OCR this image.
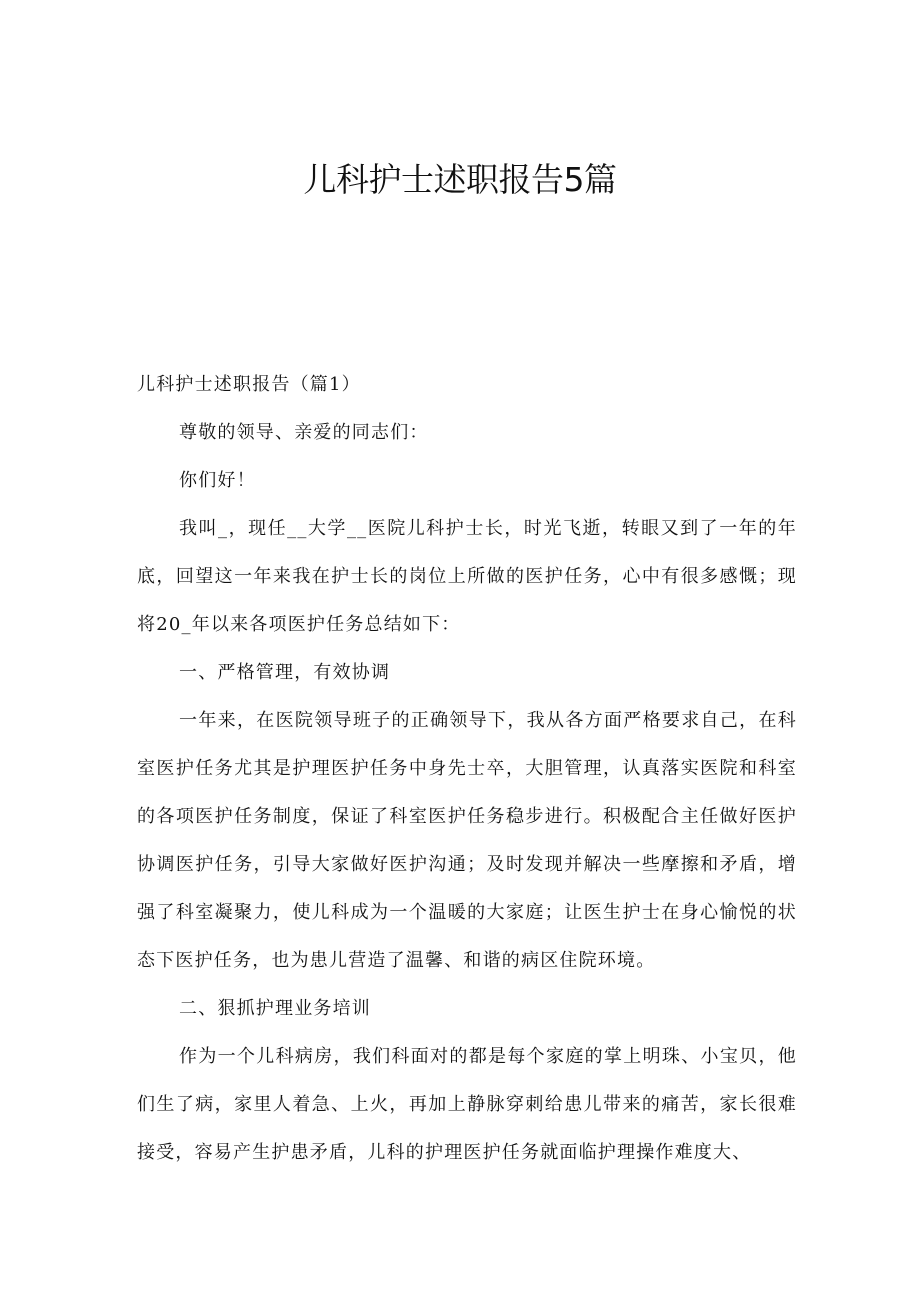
儿科护士述职报告5篇

儿科护士述职报告（篇1）

尊敬的领导、亲爱的同志们：

你们好！

我叫_，现任__大学__医院儿科护士长，时光飞逝，转眼又到了一年的年底，回望这一年来我在护士长的岗位上所做的医护任务，心中有很多感慨；现将20_年以来各项医护任务总结如下：

一、严格管理，有效协调

一年来，在医院领导班子的正确领导下，我从各方面严格要求自己，在科室医护任务尤其是护理医护任务中身先士卒，大胆管理，认真落实医院和科室的各项医护任务制度，保证了科室医护任务稳步进行。积极配合主任做好医护协调医护任务，引导大家做好医护沟通；及时发现并解决一些摩擦和矛盾，增强了科室凝聚力，使儿科成为一个温暖的大家庭；让医生护士在身心愉悦的状态下医护任务，也为患儿营造了温馨、和谐的病区住院环境。

二、狠抓护理业务培训

作为一个儿科病房，我们科面对的都是每个家庭的掌上明珠、小宝贝，他们生了病，家里人着急、上火，再加上静脉穿刺给患儿带来的痛苦，家长很难接受，容易产生护患矛盾，儿科的护理医护任务就面临护理操作难度大、
